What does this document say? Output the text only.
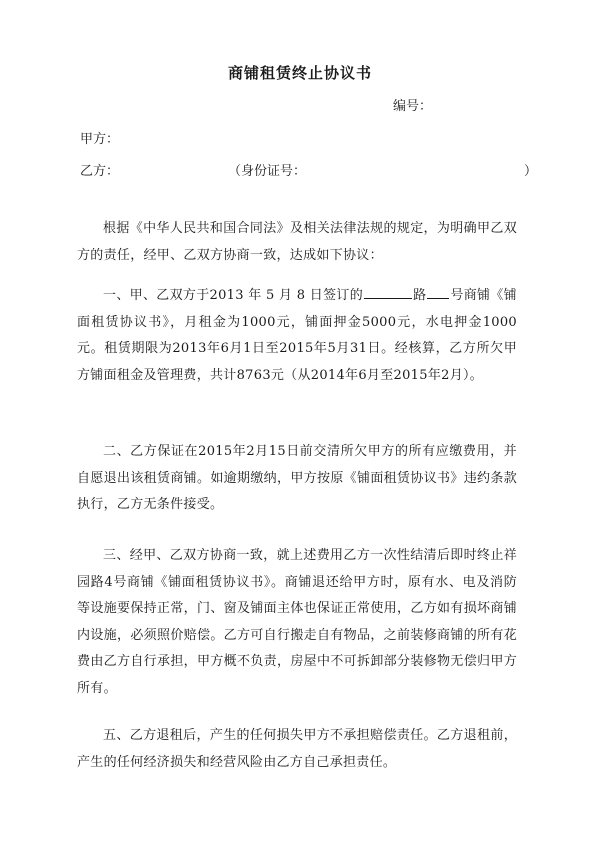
商铺租赁终止协议书
编号：
甲方：
乙方：	（身份证号：	）
根据《中华人民共和国合同法》及相关法律法规的规定，为明确甲乙双方的责任，经甲、乙双方协商一致，达成如下协议：
一、甲、乙双方于2013 年 5 月 8 日签订的	路 号商铺《铺面租赁协议书》，月租金为1000元，铺面押金5000元，水电押金1000元。租赁期限为2013年6月1日至2015年5月31日。经核算，乙方所欠甲方铺面租金及管理费，共计8763元（从2014年6月至2015年2月）。
二、乙方保证在2015年2月15日前交清所欠甲方的所有应缴费用，并自愿退出该租赁商铺。如逾期缴纳，甲方按原《铺面租赁协议书》违约条款执行，乙方无条件接受。
三、经甲、乙双方协商一致，就上述费用乙方一次性结清后即时终止祥园路4号商铺《铺面租赁协议书》。商铺退还给甲方时，原有水、电及消防等设施要保持正常，门、窗及铺面主体也保证正常使用，乙方如有损坏商铺内设施，必须照价赔偿。乙方可自行搬走自有物品，之前装修商铺的所有花费由乙方自行承担，甲方概不负责，房屋中不可拆卸部分装修物无偿归甲方所有。
五、乙方退租后，产生的任何损失甲方不承担赔偿责任。乙方退租前，产生的任何经济损失和经营风险由乙方自己承担责任。
